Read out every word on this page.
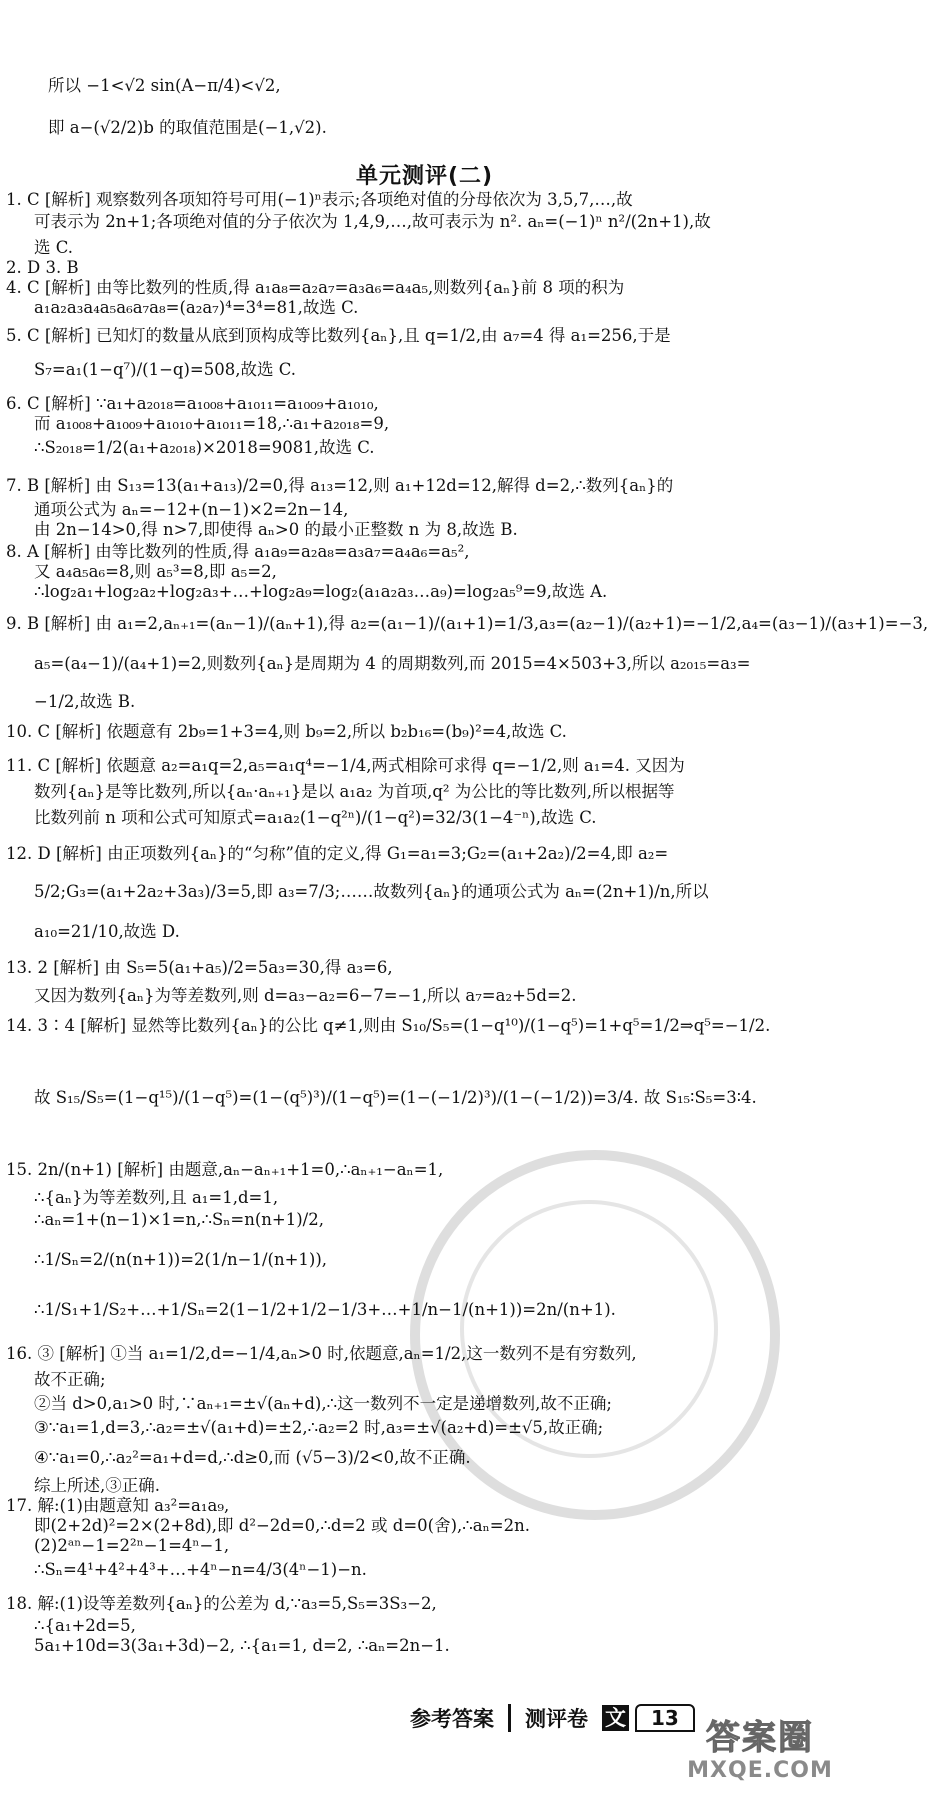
所以 −1<√2 sin(A−π/4)<√2,
即 a−(√2/2)b 的取值范围是(−1,√2).
单元测评(二)
1. C [解析] 观察数列各项知符号可用(−1)ⁿ表示;各项绝对值的分母依次为 3,5,7,…,故
可表示为 2n+1;各项绝对值的分子依次为 1,4,9,…,故可表示为 n². aₙ=(−1)ⁿ n²/(2n+1),故
选 C.
2. D 3. B
4. C [解析] 由等比数列的性质,得 a₁a₈=a₂a₇=a₃a₆=a₄a₅,则数列{aₙ}前 8 项的积为
a₁a₂a₃a₄a₅a₆a₇a₈=(a₂a₇)⁴=3⁴=81,故选 C.
5. C [解析] 已知灯的数量从底到顶构成等比数列{aₙ},且 q=1/2,由 a₇=4 得 a₁=256,于是
S₇=a₁(1−q⁷)/(1−q)=508,故选 C.
6. C [解析] ∵a₁+a₂₀₁₈=a₁₀₀₈+a₁₀₁₁=a₁₀₀₉+a₁₀₁₀,
而 a₁₀₀₈+a₁₀₀₉+a₁₀₁₀+a₁₀₁₁=18,∴a₁+a₂₀₁₈=9,
∴S₂₀₁₈=1/2(a₁+a₂₀₁₈)×2018=9081,故选 C.
7. B [解析] 由 S₁₃=13(a₁+a₁₃)/2=0,得 a₁₃=12,则 a₁+12d=12,解得 d=2,∴数列{aₙ}的
通项公式为 aₙ=−12+(n−1)×2=2n−14,
由 2n−14>0,得 n>7,即使得 aₙ>0 的最小正整数 n 为 8,故选 B.
8. A [解析] 由等比数列的性质,得 a₁a₉=a₂a₈=a₃a₇=a₄a₆=a₅²,
又 a₄a₅a₆=8,则 a₅³=8,即 a₅=2,
∴log₂a₁+log₂a₂+log₂a₃+…+log₂a₉=log₂(a₁a₂a₃…a₉)=log₂a₅⁹=9,故选 A.
9. B [解析] 由 a₁=2,aₙ₊₁=(aₙ−1)/(aₙ+1),得 a₂=(a₁−1)/(a₁+1)=1/3,a₃=(a₂−1)/(a₂+1)=−1/2,a₄=(a₃−1)/(a₃+1)=−3,
a₅=(a₄−1)/(a₄+1)=2,则数列{aₙ}是周期为 4 的周期数列,而 2015=4×503+3,所以 a₂₀₁₅=a₃=
−1/2,故选 B.
10. C [解析] 依题意有 2b₉=1+3=4,则 b₉=2,所以 b₂b₁₆=(b₉)²=4,故选 C.
11. C [解析] 依题意 a₂=a₁q=2,a₅=a₁q⁴=−1/4,两式相除可求得 q=−1/2,则 a₁=4. 又因为
数列{aₙ}是等比数列,所以{aₙ·aₙ₊₁}是以 a₁a₂ 为首项,q² 为公比的等比数列,所以根据等
比数列前 n 项和公式可知原式=a₁a₂(1−q²ⁿ)/(1−q²)=32/3(1−4⁻ⁿ),故选 C.
12. D [解析] 由正项数列{aₙ}的“匀称”值的定义,得 G₁=a₁=3;G₂=(a₁+2a₂)/2=4,即 a₂=
5/2;G₃=(a₁+2a₂+3a₃)/3=5,即 a₃=7/3;……故数列{aₙ}的通项公式为 aₙ=(2n+1)/n,所以
a₁₀=21/10,故选 D.
13. 2 [解析] 由 S₅=5(a₁+a₅)/2=5a₃=30,得 a₃=6,
又因为数列{aₙ}为等差数列,则 d=a₃−a₂=6−7=−1,所以 a₇=a₂+5d=2.
14. 3∶4 [解析] 显然等比数列{aₙ}的公比 q≠1,则由 S₁₀/S₅=(1−q¹⁰)/(1−q⁵)=1+q⁵=1/2⇒q⁵=−1/2.
故 S₁₅/S₅=(1−q¹⁵)/(1−q⁵)=(1−(q⁵)³)/(1−q⁵)=(1−(−1/2)³)/(1−(−1/2))=3/4. 故 S₁₅∶S₅=3∶4.
15. 2n/(n+1) [解析] 由题意,aₙ−aₙ₊₁+1=0,∴aₙ₊₁−aₙ=1,
∴{aₙ}为等差数列,且 a₁=1,d=1,
∴aₙ=1+(n−1)×1=n,∴Sₙ=n(n+1)/2,
∴1/Sₙ=2/(n(n+1))=2(1/n−1/(n+1)),
∴1/S₁+1/S₂+…+1/Sₙ=2(1−1/2+1/2−1/3+…+1/n−1/(n+1))=2n/(n+1).
16. ③ [解析] ①当 a₁=1/2,d=−1/4,aₙ>0 时,依题意,aₙ=1/2,这一数列不是有穷数列,
故不正确;
②当 d>0,a₁>0 时,∵aₙ₊₁=±√(aₙ+d),∴这一数列不一定是递增数列,故不正确;
③∵a₁=1,d=3,∴a₂=±√(a₁+d)=±2,∴a₂=2 时,a₃=±√(a₂+d)=±√5,故正确;
④∵a₁=0,∴a₂²=a₁+d=d,∴d≥0,而 (√5−3)/2<0,故不正确.
综上所述,③正确.
17. 解:(1)由题意知 a₃²=a₁a₉,
即(2+2d)²=2×(2+8d),即 d²−2d=0,∴d=2 或 d=0(舍),∴aₙ=2n.
(2)2ᵃⁿ−1=2²ⁿ−1=4ⁿ−1,
∴Sₙ=4¹+4²+4³+…+4ⁿ−n=4/3(4ⁿ−1)−n.
18. 解:(1)设等差数列{aₙ}的公差为 d,∵a₃=5,S₅=3S₃−2,
∴{a₁+2d=5,
5a₁+10d=3(3a₁+3d)−2, ∴{a₁=1, d=2, ∴aₙ=2n−1.
参考答案 测评卷 文	13 答案圈
MXQE.COM
